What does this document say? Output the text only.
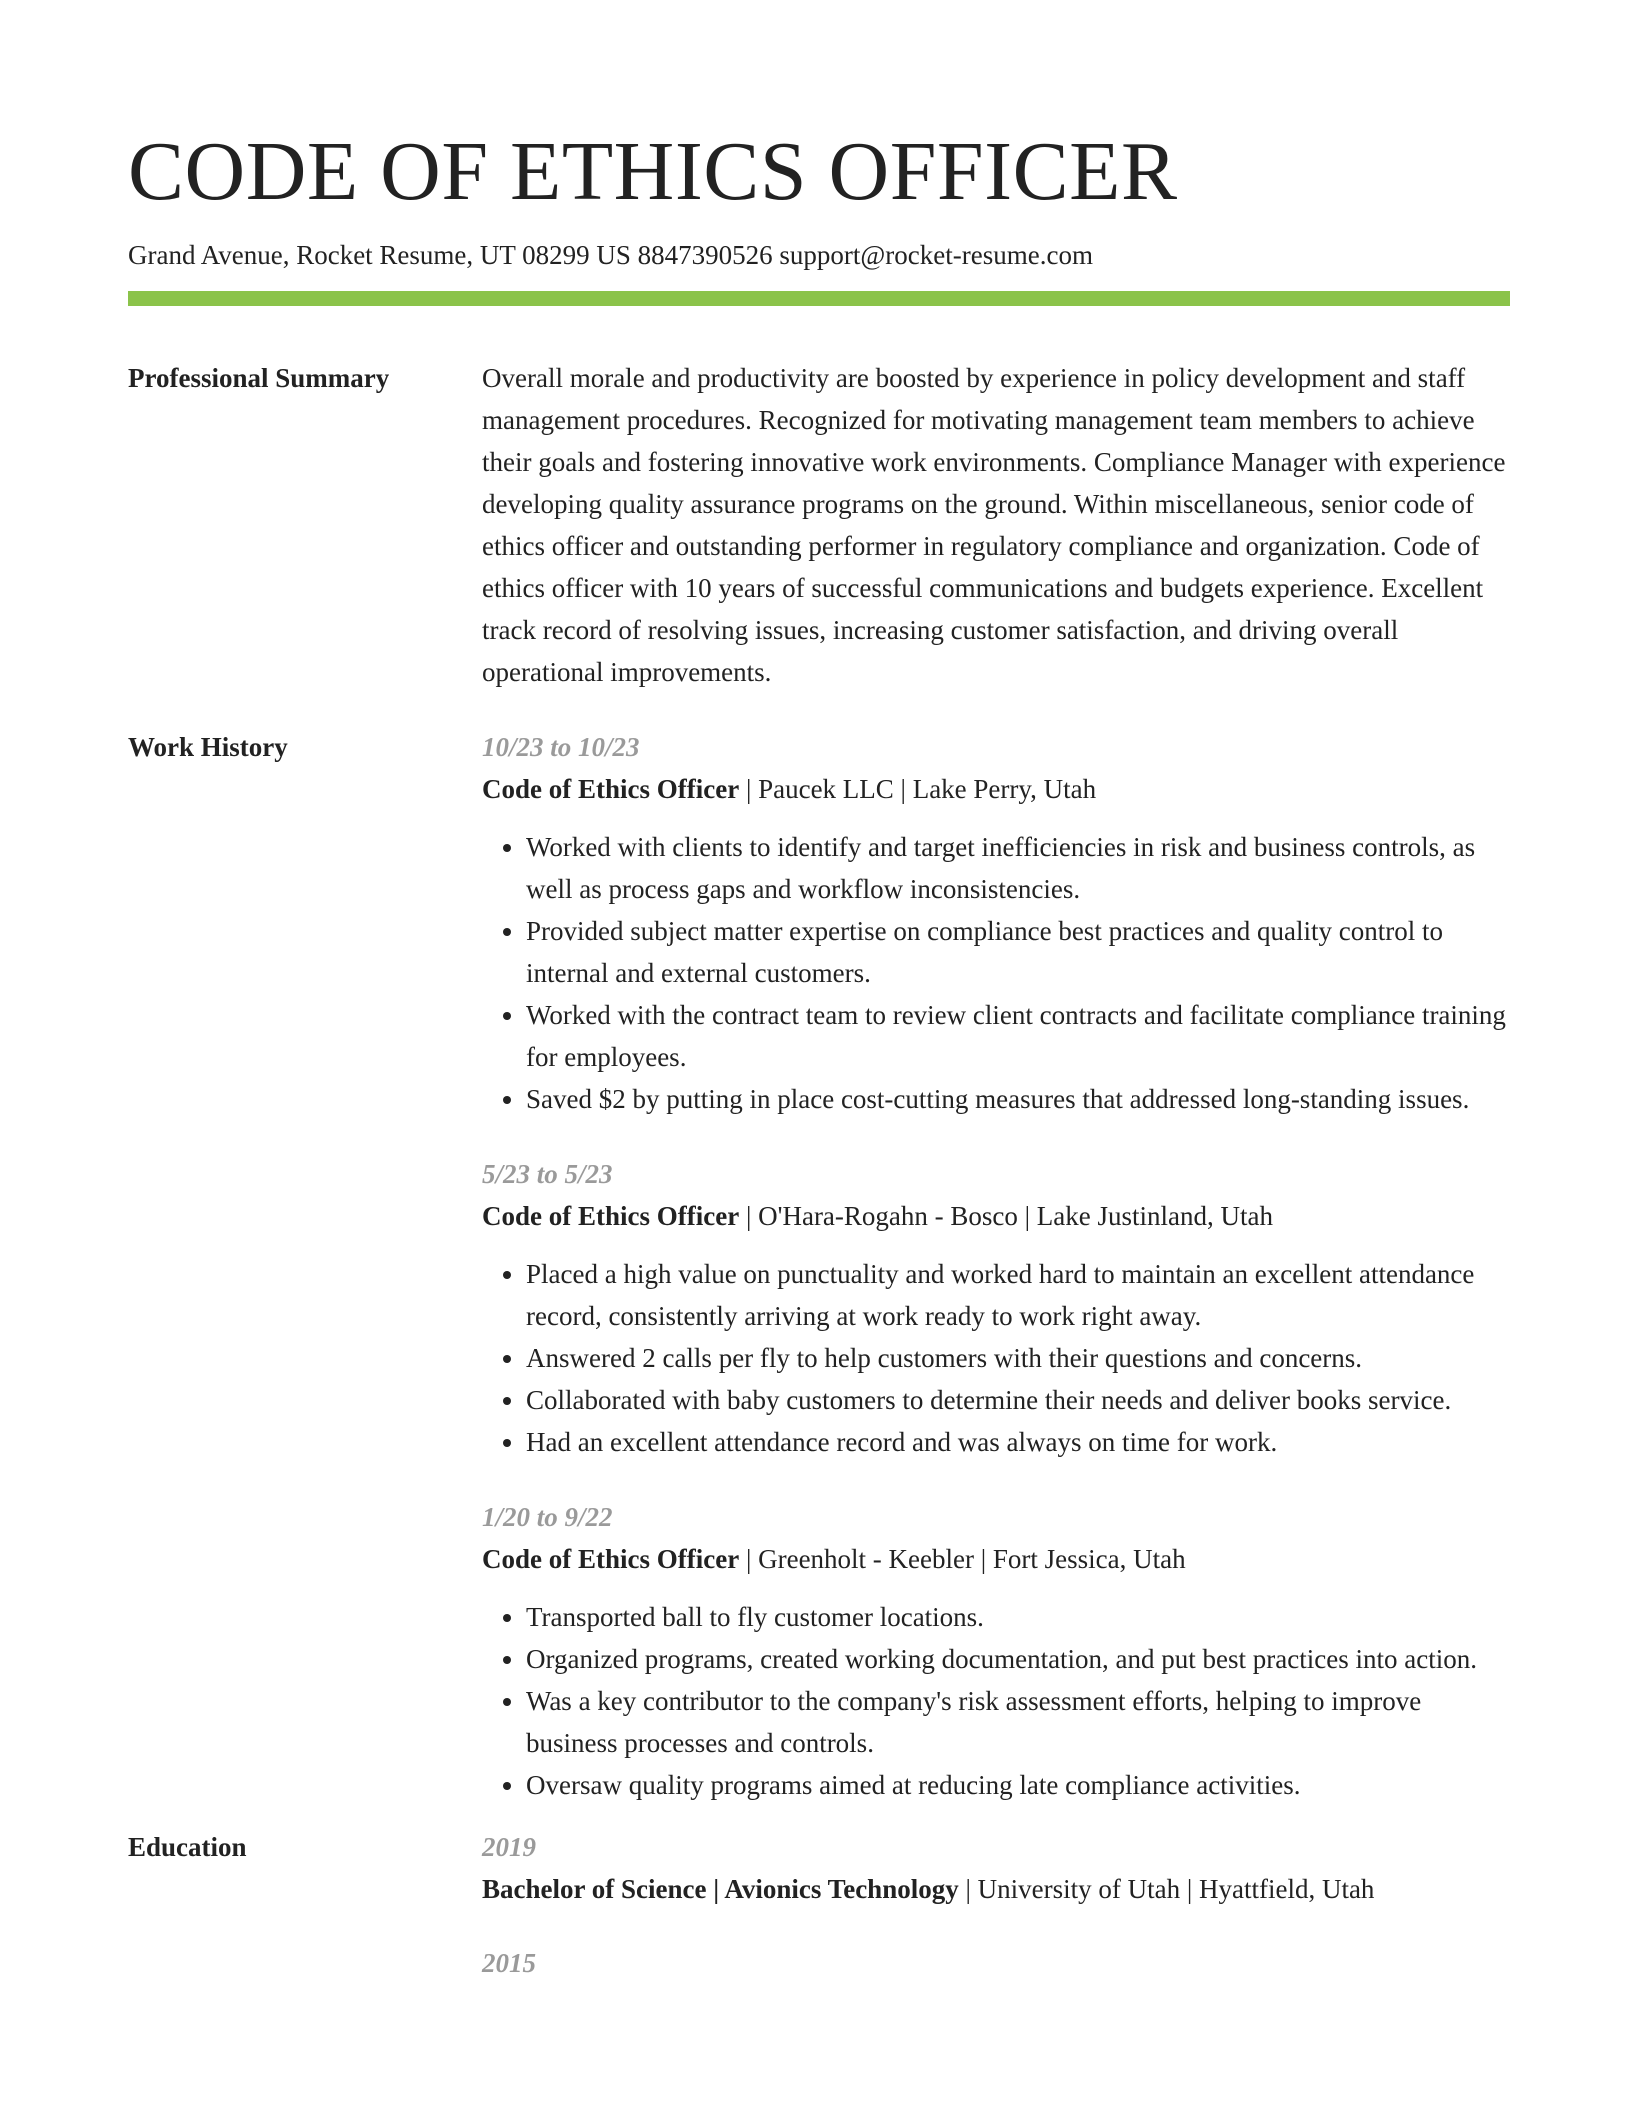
CODE OF ETHICS OFFICER
Grand Avenue, Rocket Resume, UT 08299 US 8847390526 support@rocket-resume.com
Professional Summary	Overall morale and productivity are boosted by experience in policy development and staff management procedures. Recognized for motivating management team members to achieve their goals and fostering innovative work environments. Compliance Manager with experience developing quality assurance programs on the ground. Within miscellaneous, senior code of ethics officer and outstanding performer in regulatory compliance and organization. Code of ethics officer with 10 years of successful communications and budgets experience. Excellent track record of resolving issues, increasing customer satisfaction, and driving overall operational improvements.

Work History	10/23 to 10/23
Code of Ethics Officer | Paucek LLC | Lake Perry, Utah
• Worked with clients to identify and target inefficiencies in risk and business controls, as well as process gaps and workflow inconsistencies.
• Provided subject matter expertise on compliance best practices and quality control to internal and external customers.
• Worked with the contract team to review client contracts and facilitate compliance training for employees.
• Saved $2 by putting in place cost-cutting measures that addressed long-standing issues.
5/23 to 5/23
Code of Ethics Officer | O'Hara-Rogahn - Bosco | Lake Justinland, Utah
• Placed a high value on punctuality and worked hard to maintain an excellent attendance record, consistently arriving at work ready to work right away.
• Answered 2 calls per fly to help customers with their questions and concerns.
• Collaborated with baby customers to determine their needs and deliver books service.
• Had an excellent attendance record and was always on time for work.
1/20 to 9/22
Code of Ethics Officer | Greenholt - Keebler | Fort Jessica, Utah
• Transported ball to fly customer locations.
• Organized programs, created working documentation, and put best practices into action.
• Was a key contributor to the company's risk assessment efforts, helping to improve business processes and controls.
• Oversaw quality programs aimed at reducing late compliance activities.
Education	2019
Bachelor of Science | Avionics Technology | University of Utah | Hyattfield, Utah
2015
